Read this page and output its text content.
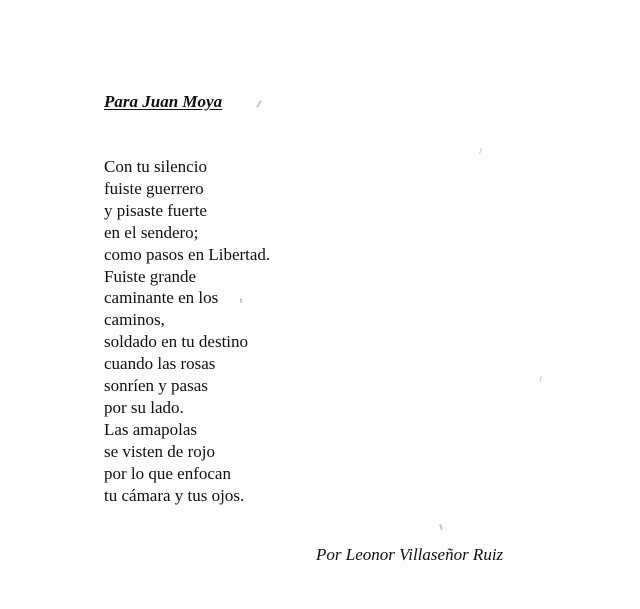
Para Juan Moya
Con tu silencio
fuiste guerrero
y pisaste fuerte
en el sendero;
como pasos en Libertad.
Fuiste grande
caminante en los
caminos,
soldado en tu destino
cuando las rosas
sonríen y pasas
por su lado.
Las amapolas
se visten de rojo
por lo que enfocan
tu cámara y tus ojos.
Por Leonor Villaseñor Ruiz
